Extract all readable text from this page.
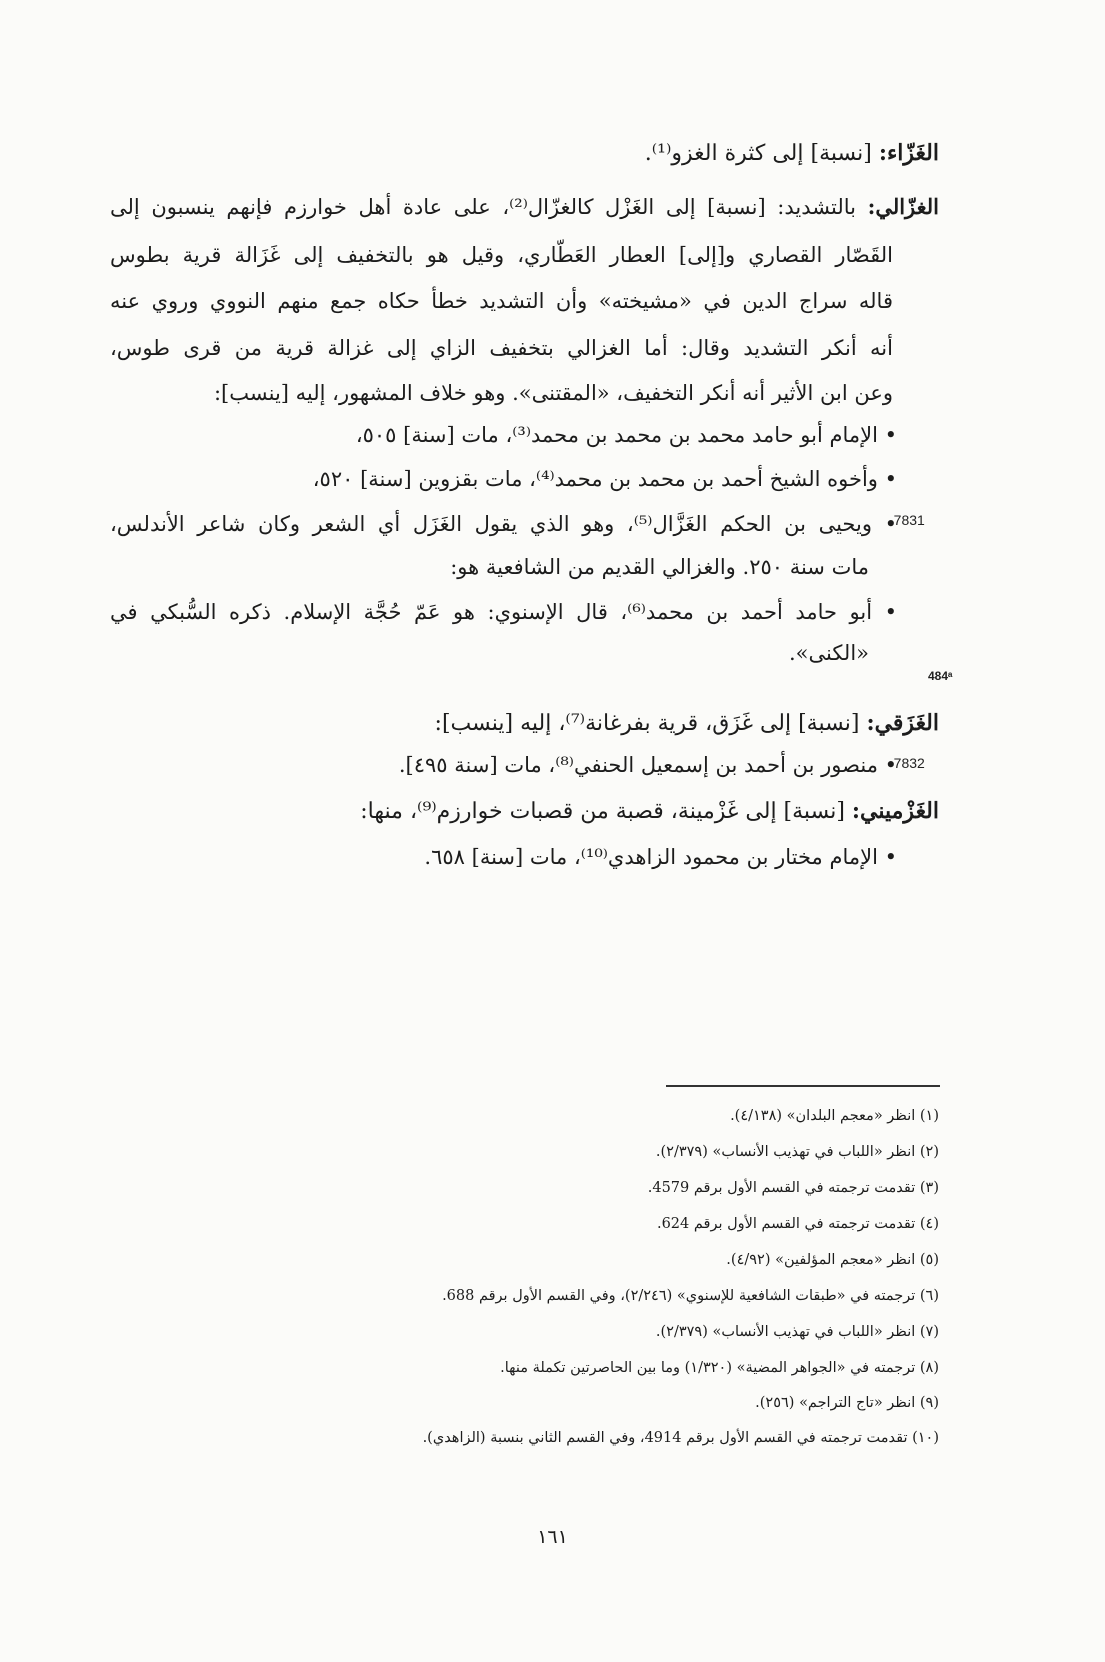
الغَزّاء: [نسبة] إلى كثرة الغزو⁽¹⁾.
الغزّالي: بالتشديد: [نسبة] إلى الغَزْل كالغزّال⁽²⁾، على عادة أهل خوارزم فإنهم ينسبون إلى
القَصّار القصاري و[إلى] العطار العَطّاري، وقيل هو بالتخفيف إلى غَزَالة قرية بطوس
قاله سراج الدين في «مشيخته» وأن التشديد خطأ حكاه جمع منهم النووي وروي عنه
أنه أنكر التشديد وقال: أما الغزالي بتخفيف الزاي إلى غزالة قرية من قرى طوس،
وعن ابن الأثير أنه أنكر التخفيف، «المقتنى». وهو خلاف المشهور، إليه [ينسب]:
• الإمام أبو حامد محمد بن محمد بن محمد⁽³⁾، مات [سنة] ٥٠٥،
• وأخوه الشيخ أحمد بن محمد بن محمد⁽⁴⁾، مات بقزوين [سنة] ٥٢٠،
-7831
• ويحيى بن الحكم الغَزَّال⁽⁵⁾، وهو الذي يقول الغَزَل أي الشعر وكان شاعر الأندلس،
مات سنة ٢٥٠. والغزالي القديم من الشافعية هو:
• أبو حامد أحمد بن محمد⁽⁶⁾، قال الإسنوي: هو عَمّ حُجَّة الإسلام. ذكره السُّبكي في
«الكنى».
484ᵃ
الغَزَقي: [نسبة] إلى غَزَق، قرية بفرغانة⁽⁷⁾، إليه [ينسب]:
-7832
• منصور بن أحمد بن إسمعيل الحنفي⁽⁸⁾، مات [سنة ٤٩٥].
الغَزْميني: [نسبة] إلى غَزْمينة، قصبة من قصبات خوارزم⁽⁹⁾، منها:
• الإمام مختار بن محمود الزاهدي⁽¹⁰⁾، مات [سنة] ٦٥٨.
(١) انظر «معجم البلدان» (٤/١٣٨).
(٢) انظر «اللباب في تهذيب الأنساب» (٢/٣٧٩).
(٣) تقدمت ترجمته في القسم الأول برقم 4579.
(٤) تقدمت ترجمته في القسم الأول برقم 624.
(٥) انظر «معجم المؤلفين» (٤/٩٢).
(٦) ترجمته في «طبقات الشافعية للإسنوي» (٢/٢٤٦)، وفي القسم الأول برقم 688.
(٧) انظر «اللباب في تهذيب الأنساب» (٢/٣٧٩).
(٨) ترجمته في «الجواهر المضية» (١/٣٢٠) وما بين الحاصرتين تكملة منها.
(٩) انظر «تاج التراجم» (٢٥٦).
(١٠) تقدمت ترجمته في القسم الأول برقم 4914، وفي القسم الثاني بنسبة (الزاهدي).
١٦١
